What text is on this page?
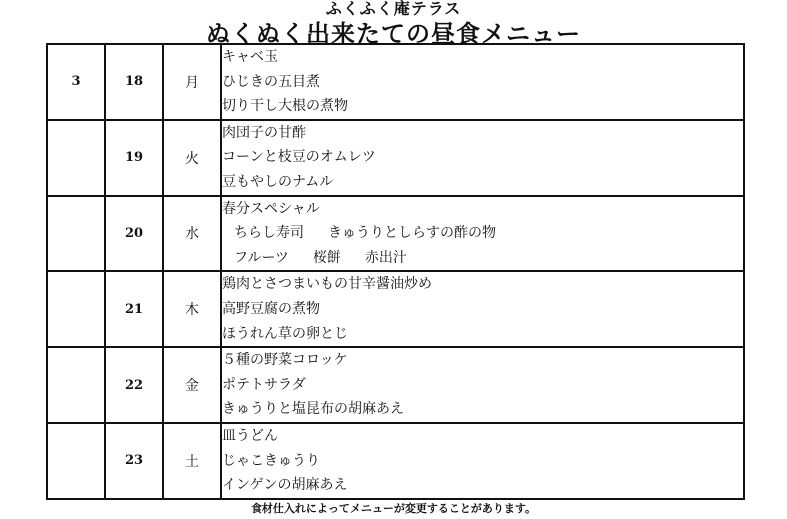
ふくふく庵テラス
ぬくぬく出来たての昼食メニュー
3	18	月	キャベ玉
ひじきの五目煮
切り干し大根の煮物

	19	火	肉団子の甘酢
コーンと枝豆のオムレツ
豆もやしのナムル

	20	水	春分スペシャル
ちらし寿司 きゅうりとしらすの酢の物
フルーツ 桜餅 赤出汁

	21	木	鶏肉とさつまいもの甘辛醤油炒め
高野豆腐の煮物
ほうれん草の卵とじ

	22	金	５種の野菜コロッケ
ポテトサラダ
きゅうりと塩昆布の胡麻あえ

	23	土	皿うどん
じゃこきゅうり
インゲンの胡麻あえ
食材仕入れによってメニューが変更することがあります。
